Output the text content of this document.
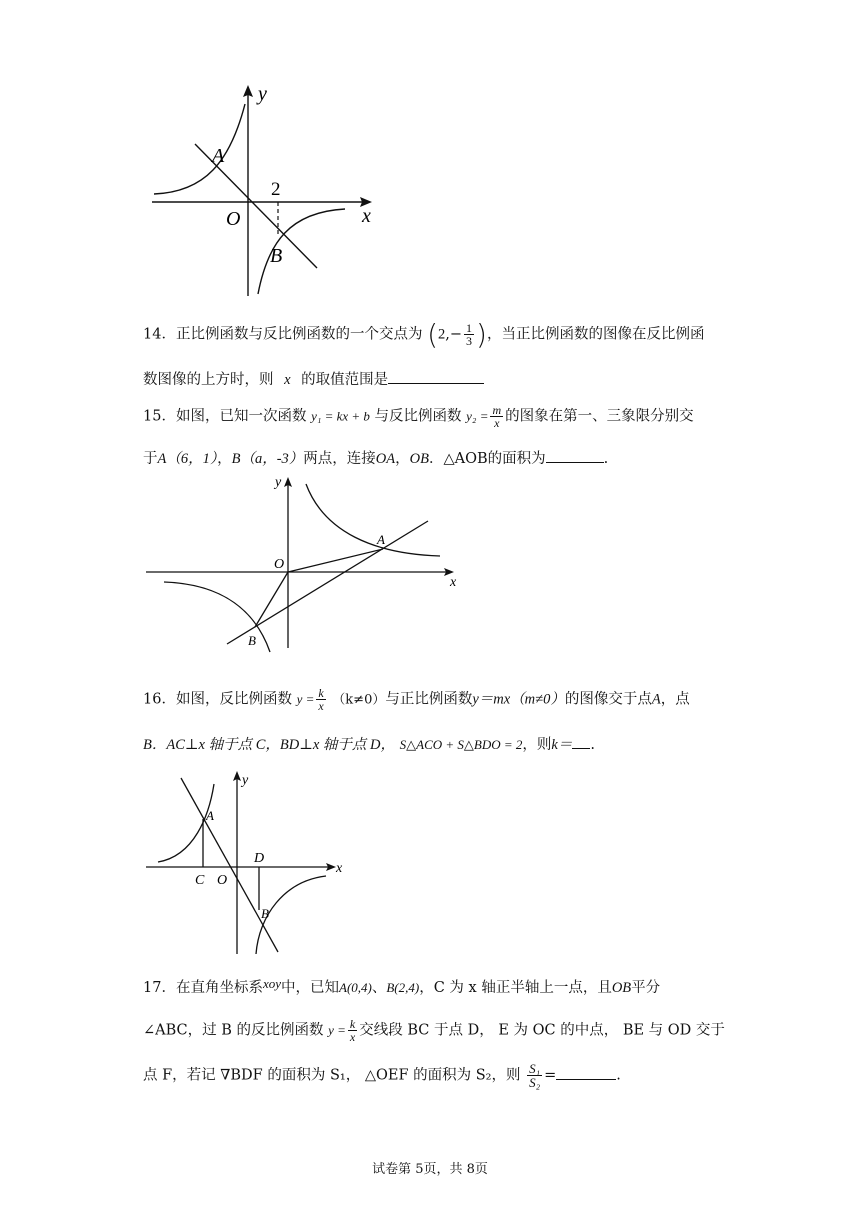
y
x
O
A
B
2
14．正比例函数与反比例函数的一个交点为 ($2,- \frac{1}{3}$ )，当正比例函数的图像在反比例函
数图像的上方时，则 x 的取值范围是
15．如图，已知一次函数 y₁ = kx + b 与反比例函数 $y_2 = \frac{m}{x}$ 的图象在第一、三象限分别交
于A（6，1），B（a，-3）两点，连接OA，OB．△AOB的面积为	.
y
x
O
A
B
16．如图，反比例函数 $y = \frac{k}{x} (k\ne 0)$与正比例函数y＝mx（m≠0）的图像交于点A，点
B．AC⊥x 轴于点 C，BD⊥x 轴于点 D， S△ACO + S△BDO = 2，则k＝ .
y
x
O
A
B
C
D
17．在直角坐标系xoy中，已知A(0,4)、B(2,4)，C 为 x 轴正半轴上一点，且OB平分
∠ABC，过 B 的反比例函数 $y = \frac{k}{x}$ 交线段 BC 于点 D， E 为 OC 的中点， BE 与 OD 交于
点 F，若记 ∇BDF 的面积为 S₁， △OEF 的面积为 S₂，则 $\frac{\text{S₁}}{\text{S₂}}$ =	.
试卷第 5页，共 8页
